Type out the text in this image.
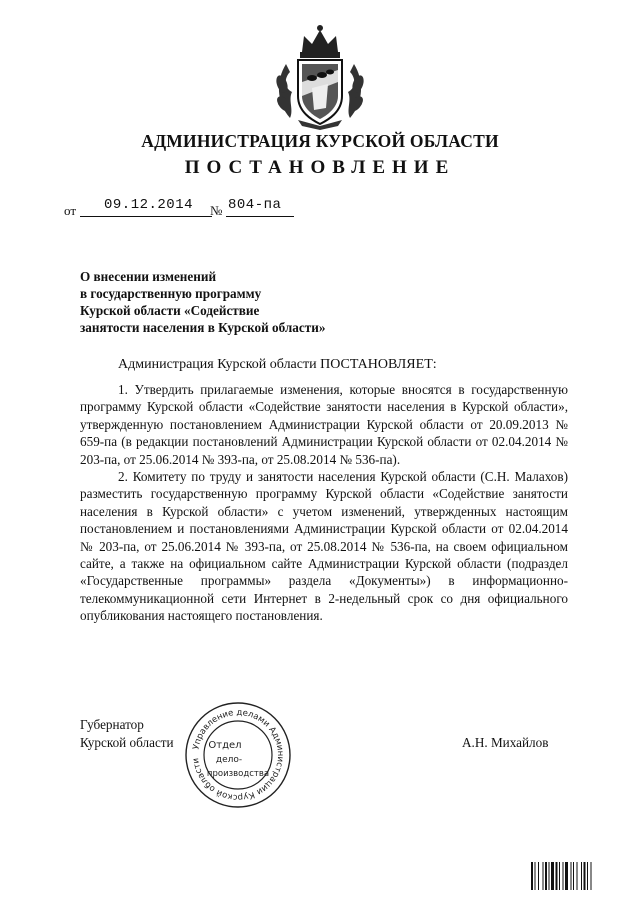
АДМИНИСТРАЦИЯ КУРСКОЙ ОБЛАСТИ
ПОСТАНОВЛЕНИЕ
от 09.12.2014 № 804-па
О внесении изменений
в государственную программу
Курской области «Содействие
занятости населения в Курской области»
Администрация Курской области ПОСТАНОВЛЯЕТ:

1. Утвердить прилагаемые изменения, которые вносятся в государственную программу Курской области «Содействие занятости населения в Курской области», утвержденную постановлением Администрации Курской области от 20.09.2013 № 659-па (в редакции постановлений Администрации Курской области от 02.04.2014 № 203-па, от 25.06.2014 № 393-па, от 25.08.2014 № 536-па).

2. Комитету по труду и занятости населения Курской области (С.Н. Малахов) разместить государственную программу Курской области «Содействие занятости населения в Курской области» с учетом изменений, утвержденных настоящим постановлением и постановлениями Администрации Курской области от 02.04.2014 № 203-па, от 25.06.2014 № 393-па, от 25.08.2014 № 536-па, на своем официальном сайте, а также на официальном сайте Администрации Курской области (подраздел «Государственные программы» раздела «Документы») в информационно-телекоммуникационной сети Интернет в 2-недельный срок со дня официального опубликования настоящего постановления.

Губернатор
Курской области	А.Н. Михайлов
Управление делами Администрации Курской области
Отдел
дело-
производства
